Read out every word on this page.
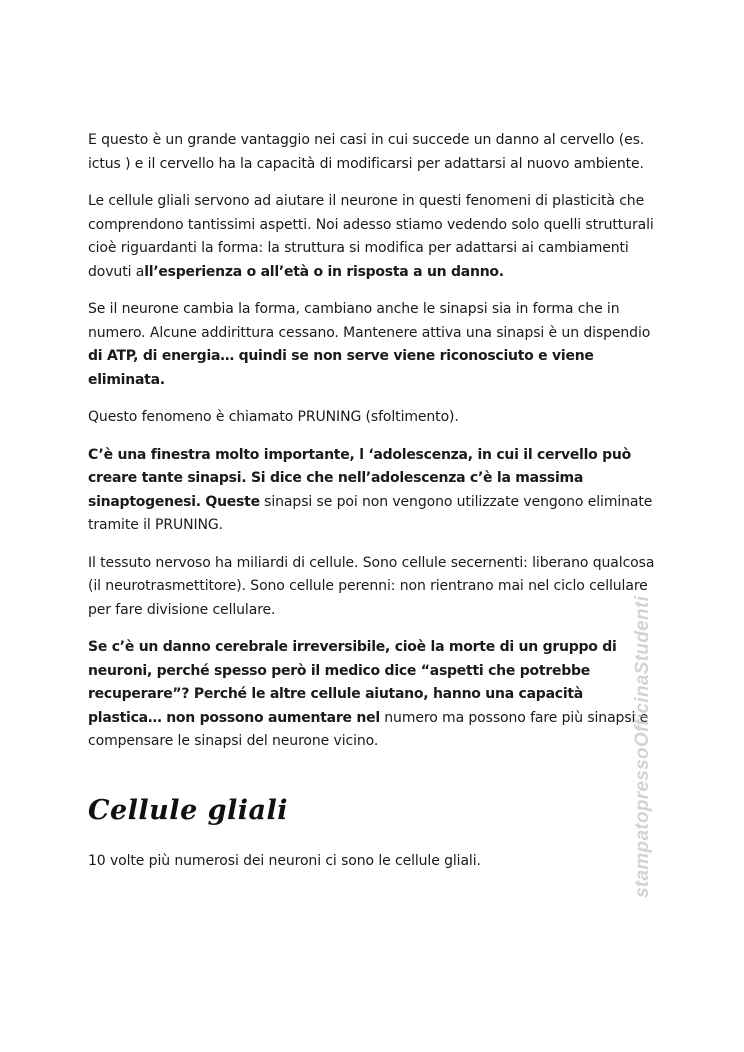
E questo è un grande vantaggio nei casi in cui succede un danno al cervello (es. ictus ) e il cervello ha la capacità di modificarsi per adattarsi al nuovo ambiente.

Le cellule gliali servono ad aiutare il neurone in questi fenomeni di plasticità che comprendono tantissimi aspetti. Noi adesso stiamo vedendo solo quelli strutturali cioè riguardanti la forma: la struttura si modifica per adattarsi ai cambiamenti dovuti all’esperienza o all’età o in risposta a un danno.

Se il neurone cambia la forma, cambiano anche le sinapsi sia in forma che in numero. Alcune addirittura cessano. Mantenere attiva una sinapsi è un dispendio di ATP, di energia… quindi se non serve viene riconosciuto e viene eliminata.

Questo fenomeno è chiamato PRUNING (sfoltimento).

C’è una finestra molto importante, l ‘adolescenza, in cui il cervello può creare tante sinapsi. Si dice che nell’adolescenza c’è la massima sinaptogenesi. Queste sinapsi se poi non vengono utilizzate vengono eliminate tramite il PRUNING.

Il tessuto nervoso ha miliardi di cellule. Sono cellule secernenti: liberano qualcosa (il neurotrasmettitore). Sono cellule perenni: non rientrano mai nel ciclo cellulare per fare divisione cellulare.

Se c’è un danno cerebrale irreversibile, cioè la morte di un gruppo di neuroni, perché spesso però il medico dice “aspetti che potrebbe recuperare”? Perché le altre cellule aiutano, hanno una capacità plastica… non possono aumentare nel numero ma possono fare più sinapsi e compensare le sinapsi del neurone vicino.

Cellule gliali
10 volte più numerosi dei neuroni ci sono le cellule gliali.	stampatopressoOfficinaStudenti
